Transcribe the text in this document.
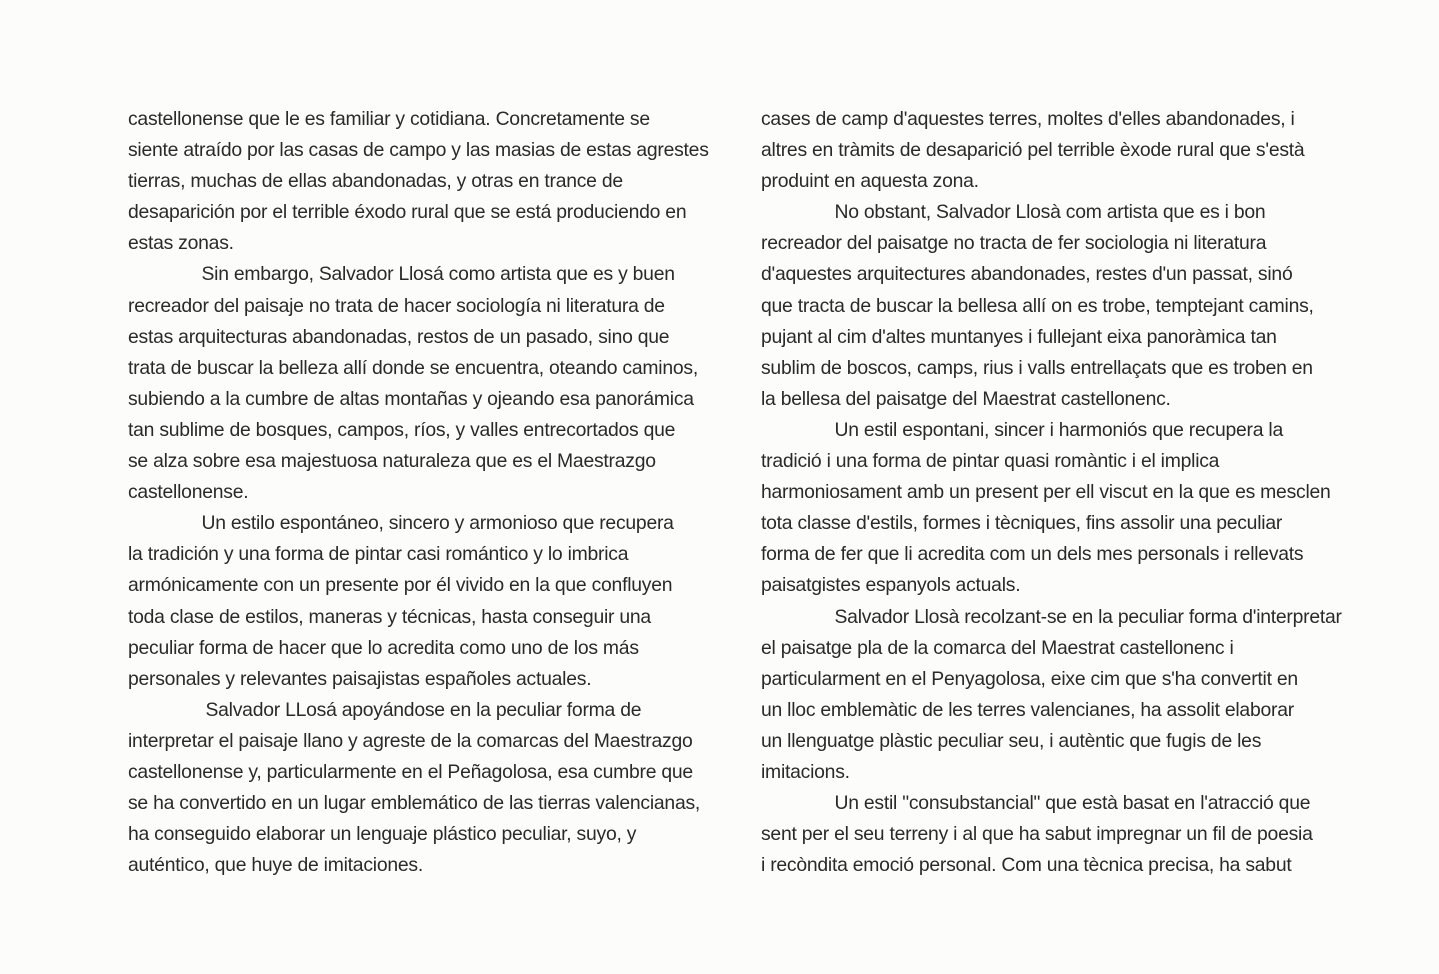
castellonense que le es familiar y cotidiana. Concretamente se
siente atraído por las casas de campo y las masias de estas agrestes
tierras, muchas de ellas abandonadas, y otras en trance de
desaparición por el terrible éxodo rural que se está produciendo en
estas zonas.
Sin embargo, Salvador Llosá como artista que es y buen
recreador del paisaje no trata de hacer sociología ni literatura de
estas arquitecturas abandonadas, restos de un pasado, sino que
trata de buscar la belleza allí donde se encuentra, oteando caminos,
subiendo a la cumbre de altas montañas y ojeando esa panorámica
tan sublime de bosques, campos, ríos, y valles entrecortados que
se alza sobre esa majestuosa naturaleza que es el Maestrazgo
castellonense.
Un estilo espontáneo, sincero y armonioso que recupera
la tradición y una forma de pintar casi romántico y lo imbrica
armónicamente con un presente por él vivido en la que confluyen
toda clase de estilos, maneras y técnicas, hasta conseguir una
peculiar forma de hacer que lo acredita como uno de los más
personales y relevantes paisajistas españoles actuales.
Salvador LLosá apoyándose en la peculiar forma de
interpretar el paisaje llano y agreste de la comarcas del Maestrazgo
castellonense y, particularmente en el Peñagolosa, esa cumbre que
se ha convertido en un lugar emblemático de las tierras valencianas,
ha conseguido elaborar un lenguaje plástico peculiar, suyo, y
auténtico, que huye de imitaciones.
cases de camp d'aquestes terres, moltes d'elles abandonades, i
altres en tràmits de desaparició pel terrible èxode rural que s'està
produint en aquesta zona.
No obstant, Salvador Llosà com artista que es i bon
recreador del paisatge no tracta de fer sociologia ni literatura
d'aquestes arquitectures abandonades, restes d'un passat, sinó
que tracta de buscar la bellesa allí on es trobe, temptejant camins,
pujant al cim d'altes muntanyes i fullejant eixa panoràmica tan
sublim de boscos, camps, rius i valls entrellaçats que es troben en
la bellesa del paisatge del Maestrat castellonenc.
Un estil espontani, sincer i harmoniós que recupera la
tradició i una forma de pintar quasi romàntic i el implica
harmoniosament amb un present per ell viscut en la que es mesclen
tota classe d'estils, formes i tècniques, fins assolir una peculiar
forma de fer que li acredita com un dels mes personals i rellevats
paisatgistes espanyols actuals.
Salvador Llosà recolzant-se en la peculiar forma d'interpretar
el paisatge pla de la comarca del Maestrat castellonenc i
particularment en el Penyagolosa, eixe cim que s'ha convertit en
un lloc emblemàtic de les terres valencianes, ha assolit elaborar
un llenguatge plàstic peculiar seu, i autèntic que fugis de les
imitacions.
Un estil "consubstancial" que està basat en l'atracció que
sent per el seu terreny i al que ha sabut impregnar un fil de poesia
i recòndita emoció personal. Com una tècnica precisa, ha sabut
